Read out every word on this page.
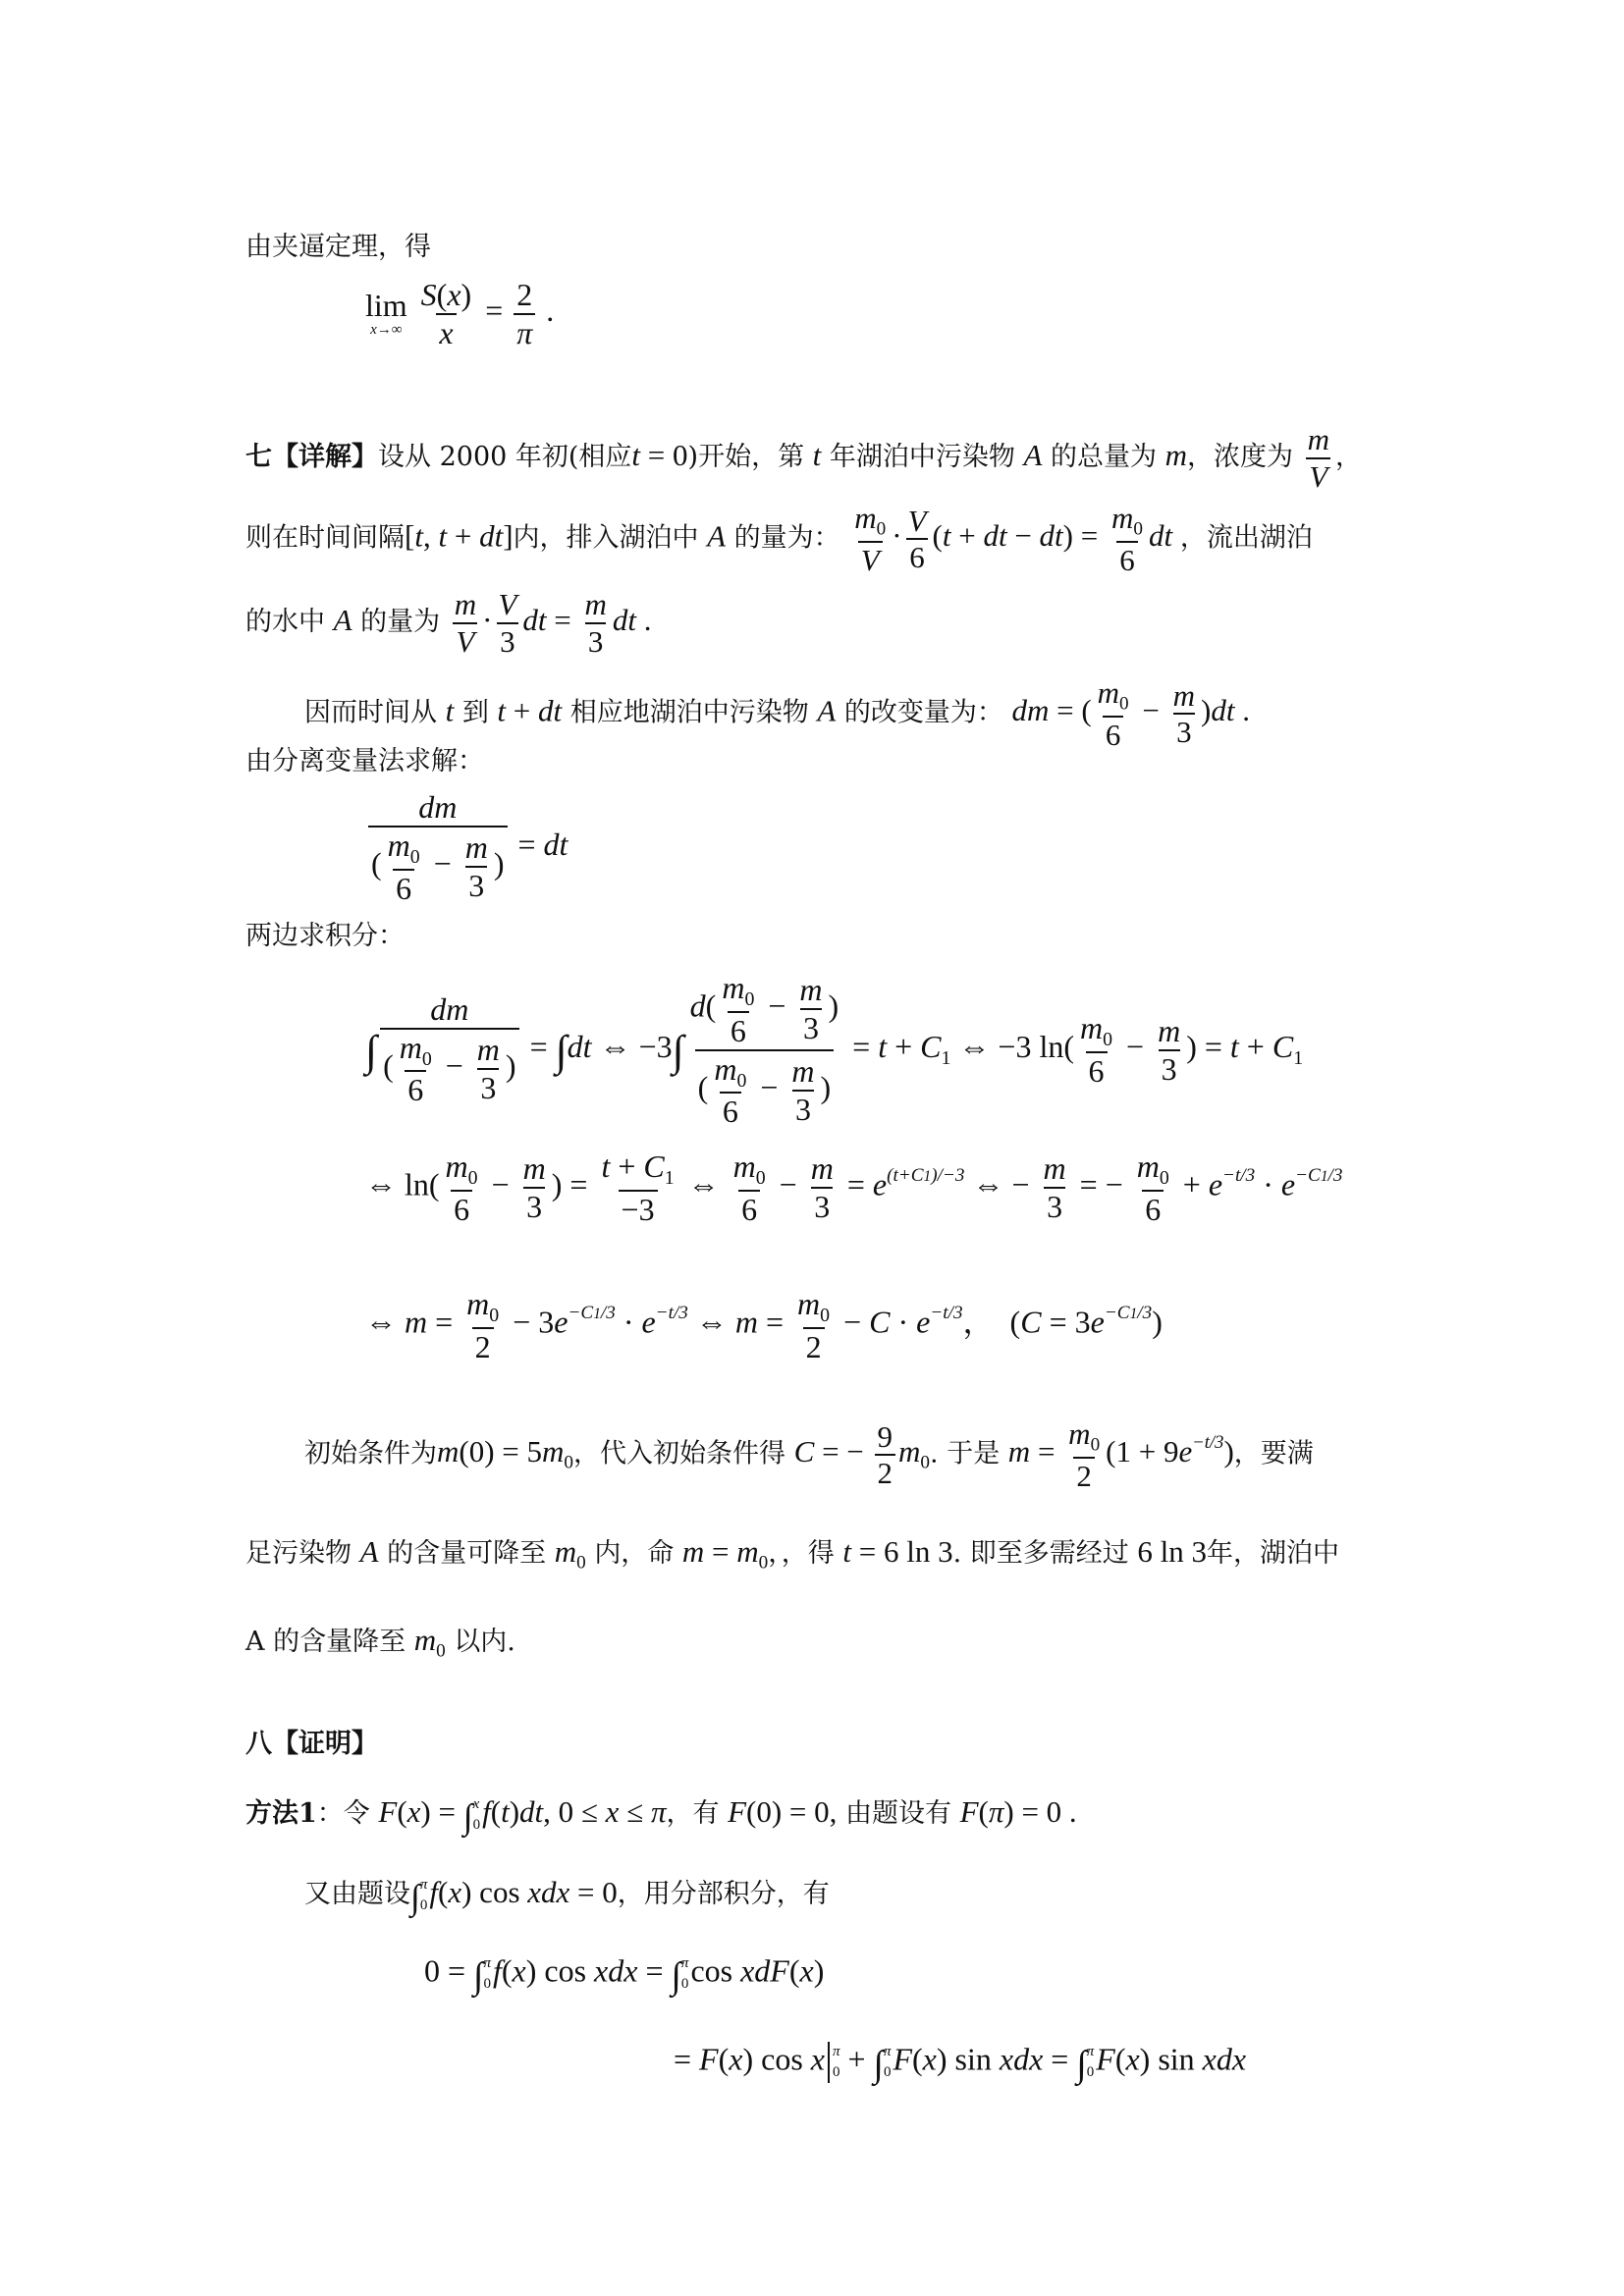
由夹逼定理，得
lim
x→∞
$\frac{S(x)}{x} = \frac{2}{\pi}$ .
七【详解】设从 2000 年初(相应t = 0)开始，第 t 年湖泊中污染物 A 的总量为 m，浓度为 $\frac{m}{V}$ ，
则在时间间隔[t, t + dt]内，排入湖泊中 A 的量为： $\frac{m_0}{V} \cdot \frac{V}{6} (t$ + dt − $dt) = \frac{m_0}{6}$ dt ，流出湖泊
的水中 A 的量为 $\frac{m}{V} \cdot \frac{V}{3}$ dt = $\frac{m}{3}$ dt .
因而时间从 t 到 t + dt 相应地湖泊中污染物 A 的改变量为： dm = ( $\frac{m_0}{6} - \frac{m}{3} )dt$ .
由分离变量法求解：
$\frac{dm}{( \frac{m_0}{6} - \frac{m}{3} )}$ = dt
两边求积分：
∫ $\frac{dm}{( \frac{m_0}{6} - \frac{m}{3} )} = \int dt$ ⇔ $-3\int \frac{d( \frac{m_0}{6} - \frac{m}{3} )}{( \frac{m_0}{6} - \frac{m}{3} )} = t + C_1$ ⇔ −3 $\ln( \frac{m_0}{6} - \frac{m}{3}$ ) = $t + C_1$
⇔ $\ln( \frac{m_0}{6} - \frac{m}{3}$ ) = $\frac{t + C_1}{-3}$ ⇔ $\frac{m_0}{6} - \frac{m}{3} = e^{(t+C1)/-3}$ ⇔ − $\frac{m}{3}$ = − $\frac{m_0}{6} + e^{-t/3} \cdot e^{-C1/3}$
⇔ $m = \frac{m_0}{2} - 3e^{-C1/3} \cdot e^{-t/3}$ ⇔ $m = \frac{m_0}{2} - C \cdot e^{-t/3}$，  $(C = 3e^{-C1/3})$
初始条件为$m(0) = 5m_0$，代入初始条件得 C = − $\frac{9}{2} m_0$. 于是 $m = \frac{m_0}{2} (1 + 9e^{-t/3})$，要满
足污染物 A 的含量可降至 $m_0$ 内，命 $m = m_0$，，得 t = 6 ln 3. 即至多需经过 6 ln 3年，湖泊中
A 的含量降至 $m_0$ 以内.
八【证明】
方法1：令 F(x) = ∫ x
0 f(t)dt, 0 ≤ x ≤ π，有 F(0) = 0, 由题设有 F(π) = 0 .
又由题设∫ π
0 f(x) cos xdx = 0，用分部积分，有
0 = ∫ π
0 f(x) cos xdx = ∫ π
0 cos xdF(x)
= F(x) cos x π
0 + ∫ π
0 F(x) sin xdx = ∫ π
0 F(x) sin xdx
